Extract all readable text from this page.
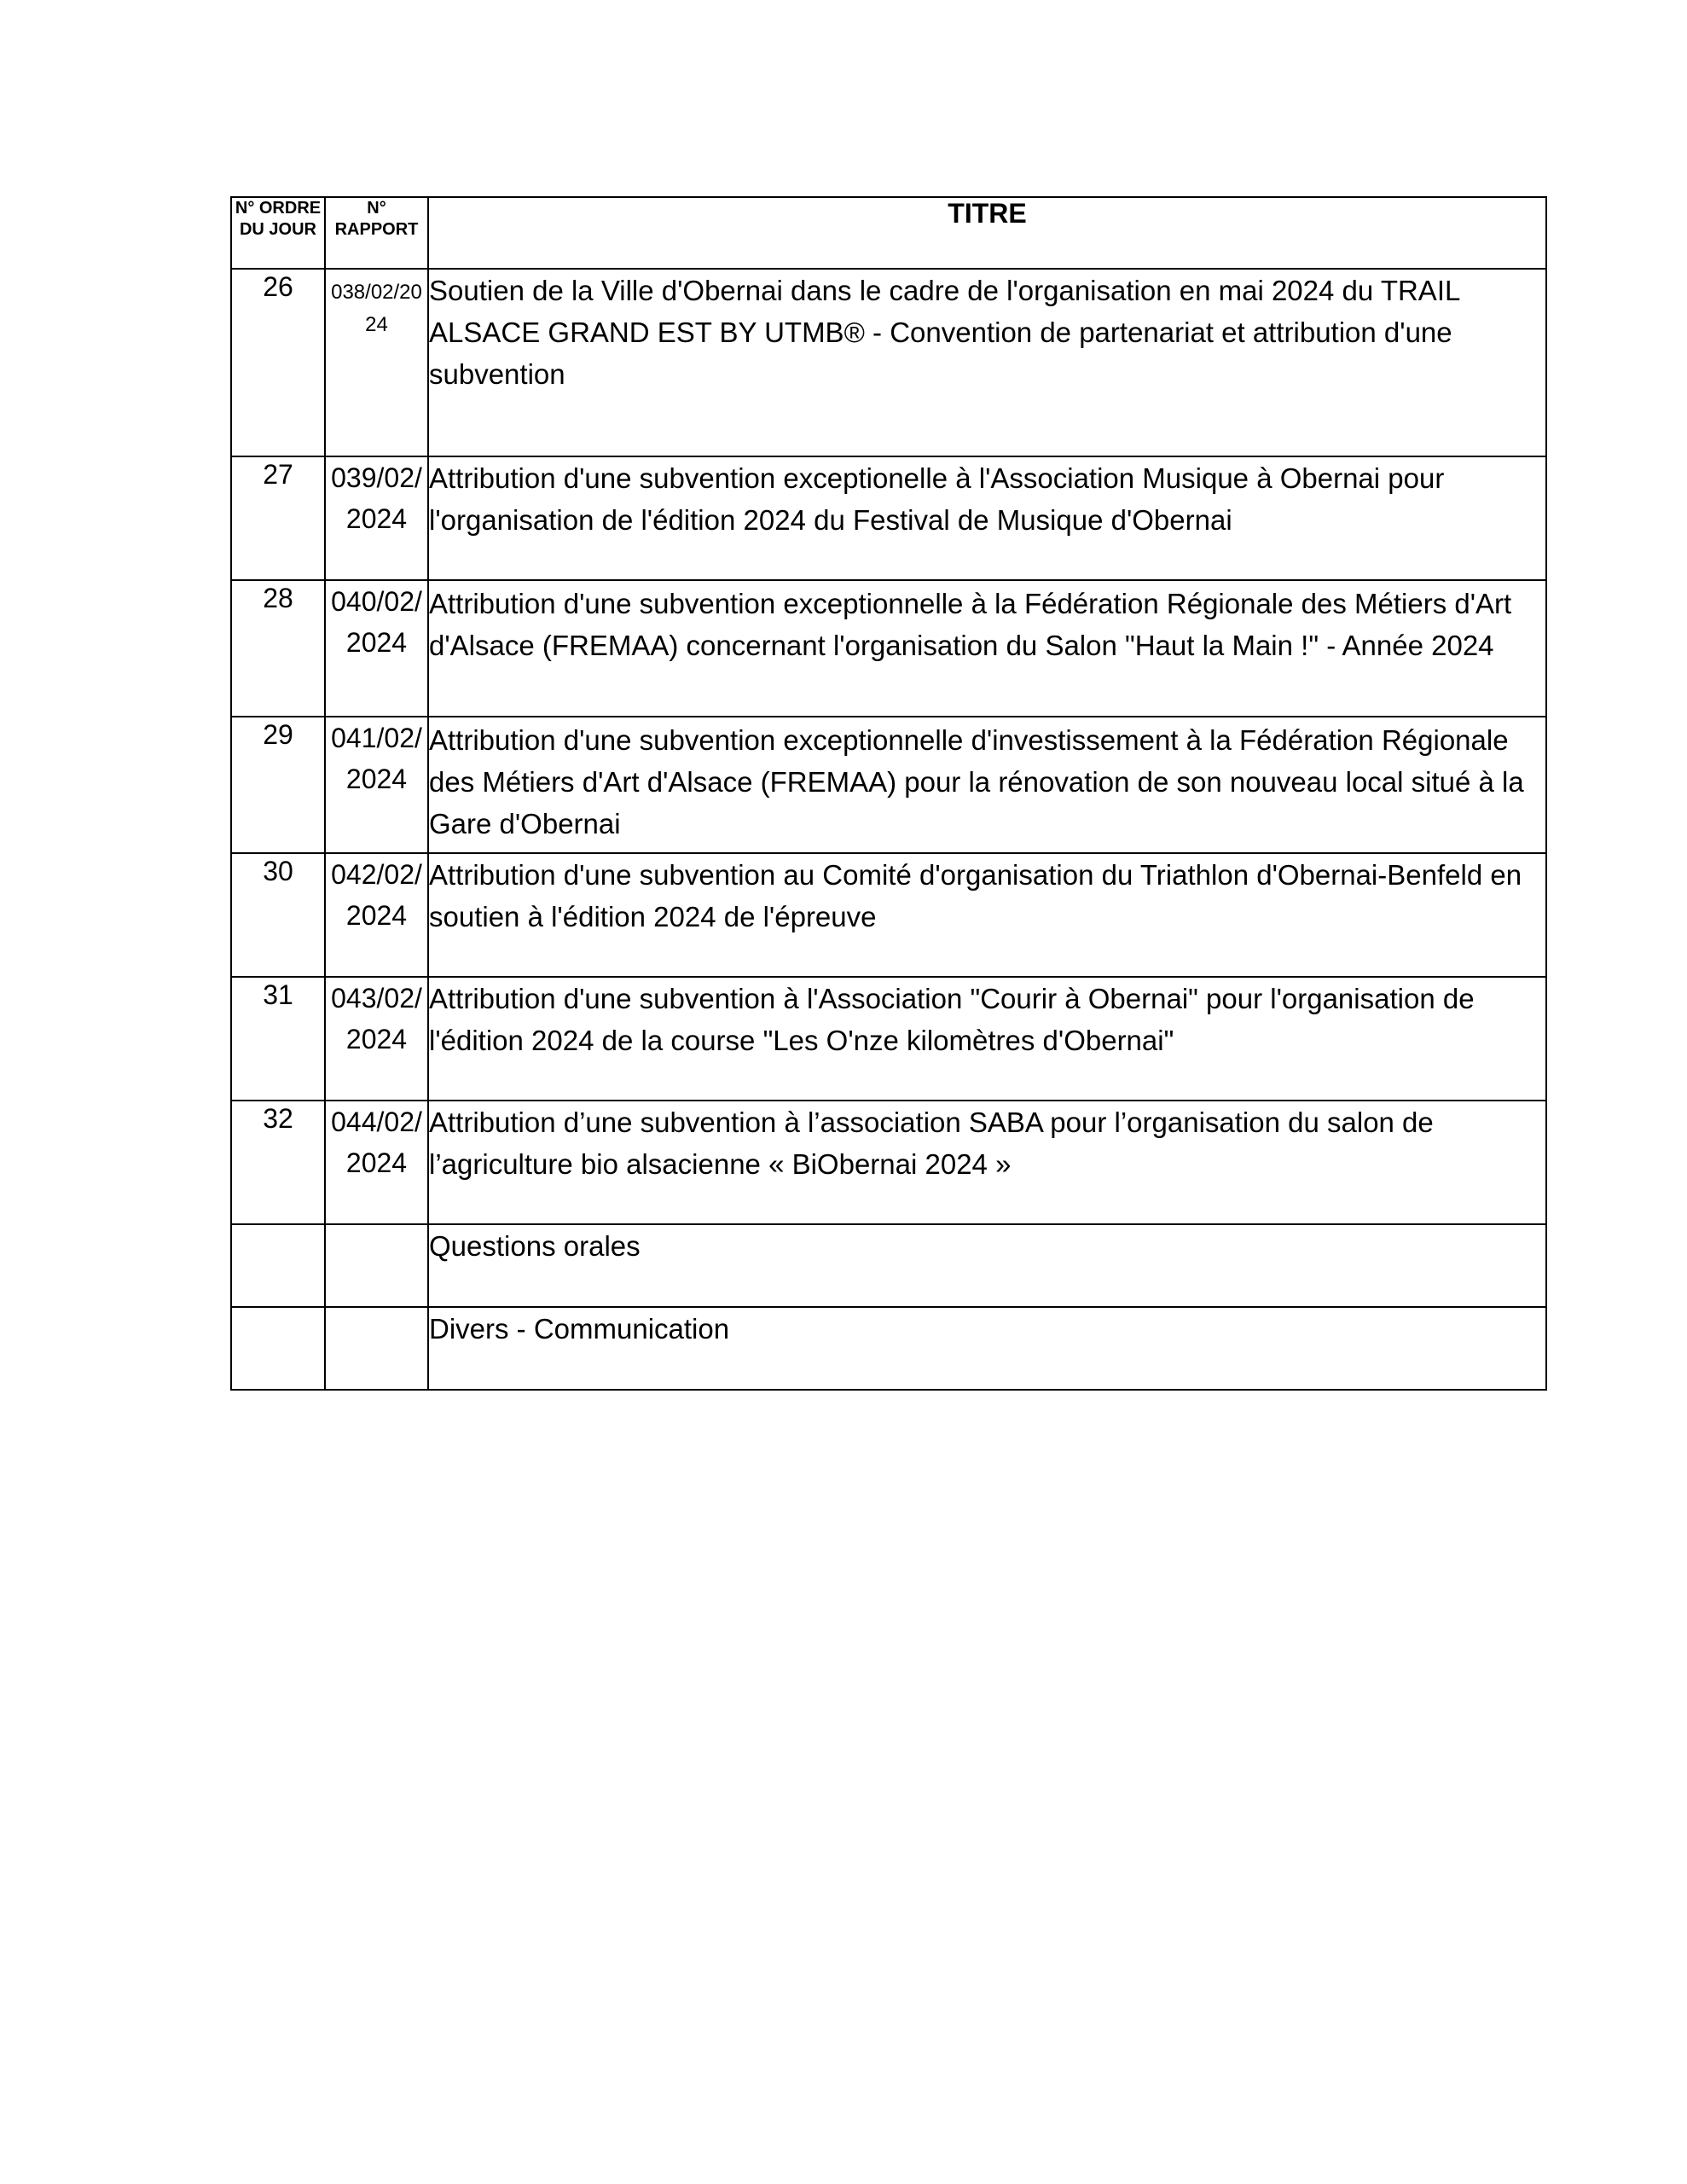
N° ORDRE DU JOUR	N° RAPPORT	TITRE
26	038/02/2024	Soutien de la Ville d'Obernai dans le cadre de l'organisation en mai 2024 du TRAIL ALSACE GRAND EST BY UTMB® - Convention de partenariat et attribution d'une subvention
27	039/02/2024	Attribution d'une subvention exceptionelle à l'Association Musique à Obernai pour l'organisation de l'édition 2024 du Festival de Musique d'Obernai
28	040/02/2024	Attribution d'une subvention exceptionnelle à la Fédération Régionale des Métiers d'Art d'Alsace (FREMAA) concernant l'organisation du Salon "Haut la Main !" - Année 2024
29	041/02/2024	Attribution d'une subvention exceptionnelle d'investissement à la Fédération Régionale des Métiers d'Art d'Alsace (FREMAA) pour la rénovation de son nouveau local situé à la Gare d'Obernai
30	042/02/2024	Attribution d'une subvention au Comité d'organisation du Triathlon d'Obernai-Benfeld en soutien à l'édition 2024 de l'épreuve
31	043/02/2024	Attribution d'une subvention à l'Association "Courir à Obernai" pour l'organisation de l'édition 2024 de la course "Les O'nze kilomètres d'Obernai"
32	044/02/2024	Attribution d’une subvention à l’association SABA pour l’organisation du salon de l’agriculture bio alsacienne « BiObernai 2024 »
		Questions orales
		Divers - Communication
